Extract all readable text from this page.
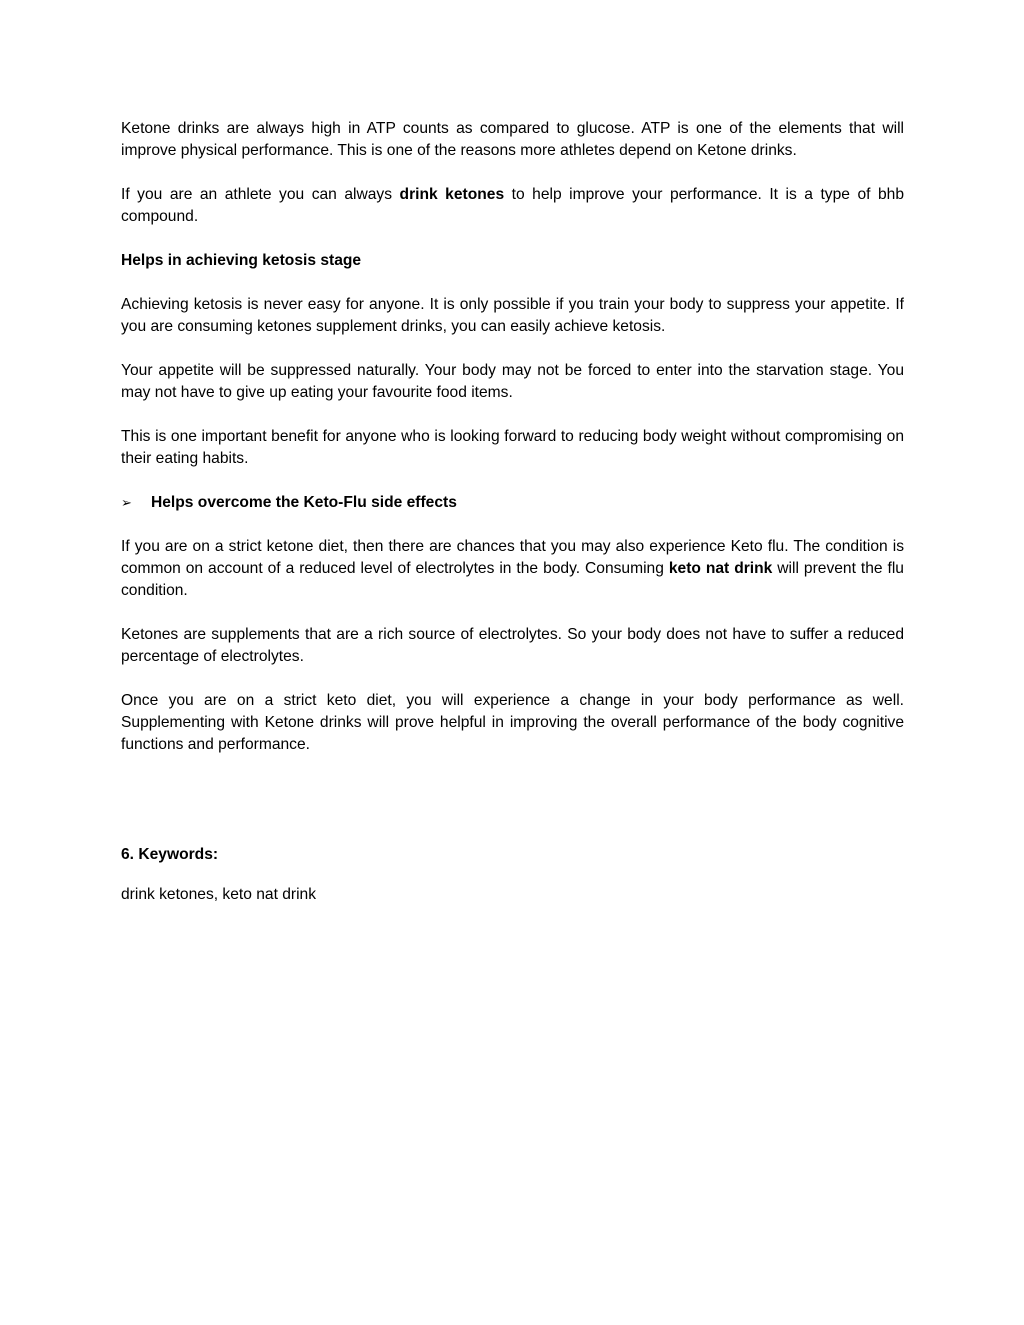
Ketone drinks are always high in ATP counts as compared to glucose. ATP is one of the elements that will improve physical performance. This is one of the reasons more athletes depend on Ketone drinks.

If you are an athlete you can always drink ketones to help improve your performance. It is a type of bhb compound.

Helps in achieving ketosis stage

Achieving ketosis is never easy for anyone. It is only possible if you train your body to suppress your appetite. If you are consuming ketones supplement drinks, you can easily achieve ketosis.

Your appetite will be suppressed naturally. Your body may not be forced to enter into the starvation stage. You may not have to give up eating your favourite food items.

This is one important benefit for anyone who is looking forward to reducing body weight without compromising on their eating habits.

➢	Helps overcome the Keto-Flu side effects

If you are on a strict ketone diet, then there are chances that you may also experience Keto flu. The condition is common on account of a reduced level of electrolytes in the body. Consuming keto nat drink will prevent the flu condition.

Ketones are supplements that are a rich source of electrolytes. So your body does not have to suffer a reduced percentage of electrolytes.

Once you are on a strict keto diet, you will experience a change in your body performance as well. Supplementing with Ketone drinks will prove helpful in improving the overall performance of the body cognitive functions and performance.

6. Keywords:
drink ketones, keto nat drink
